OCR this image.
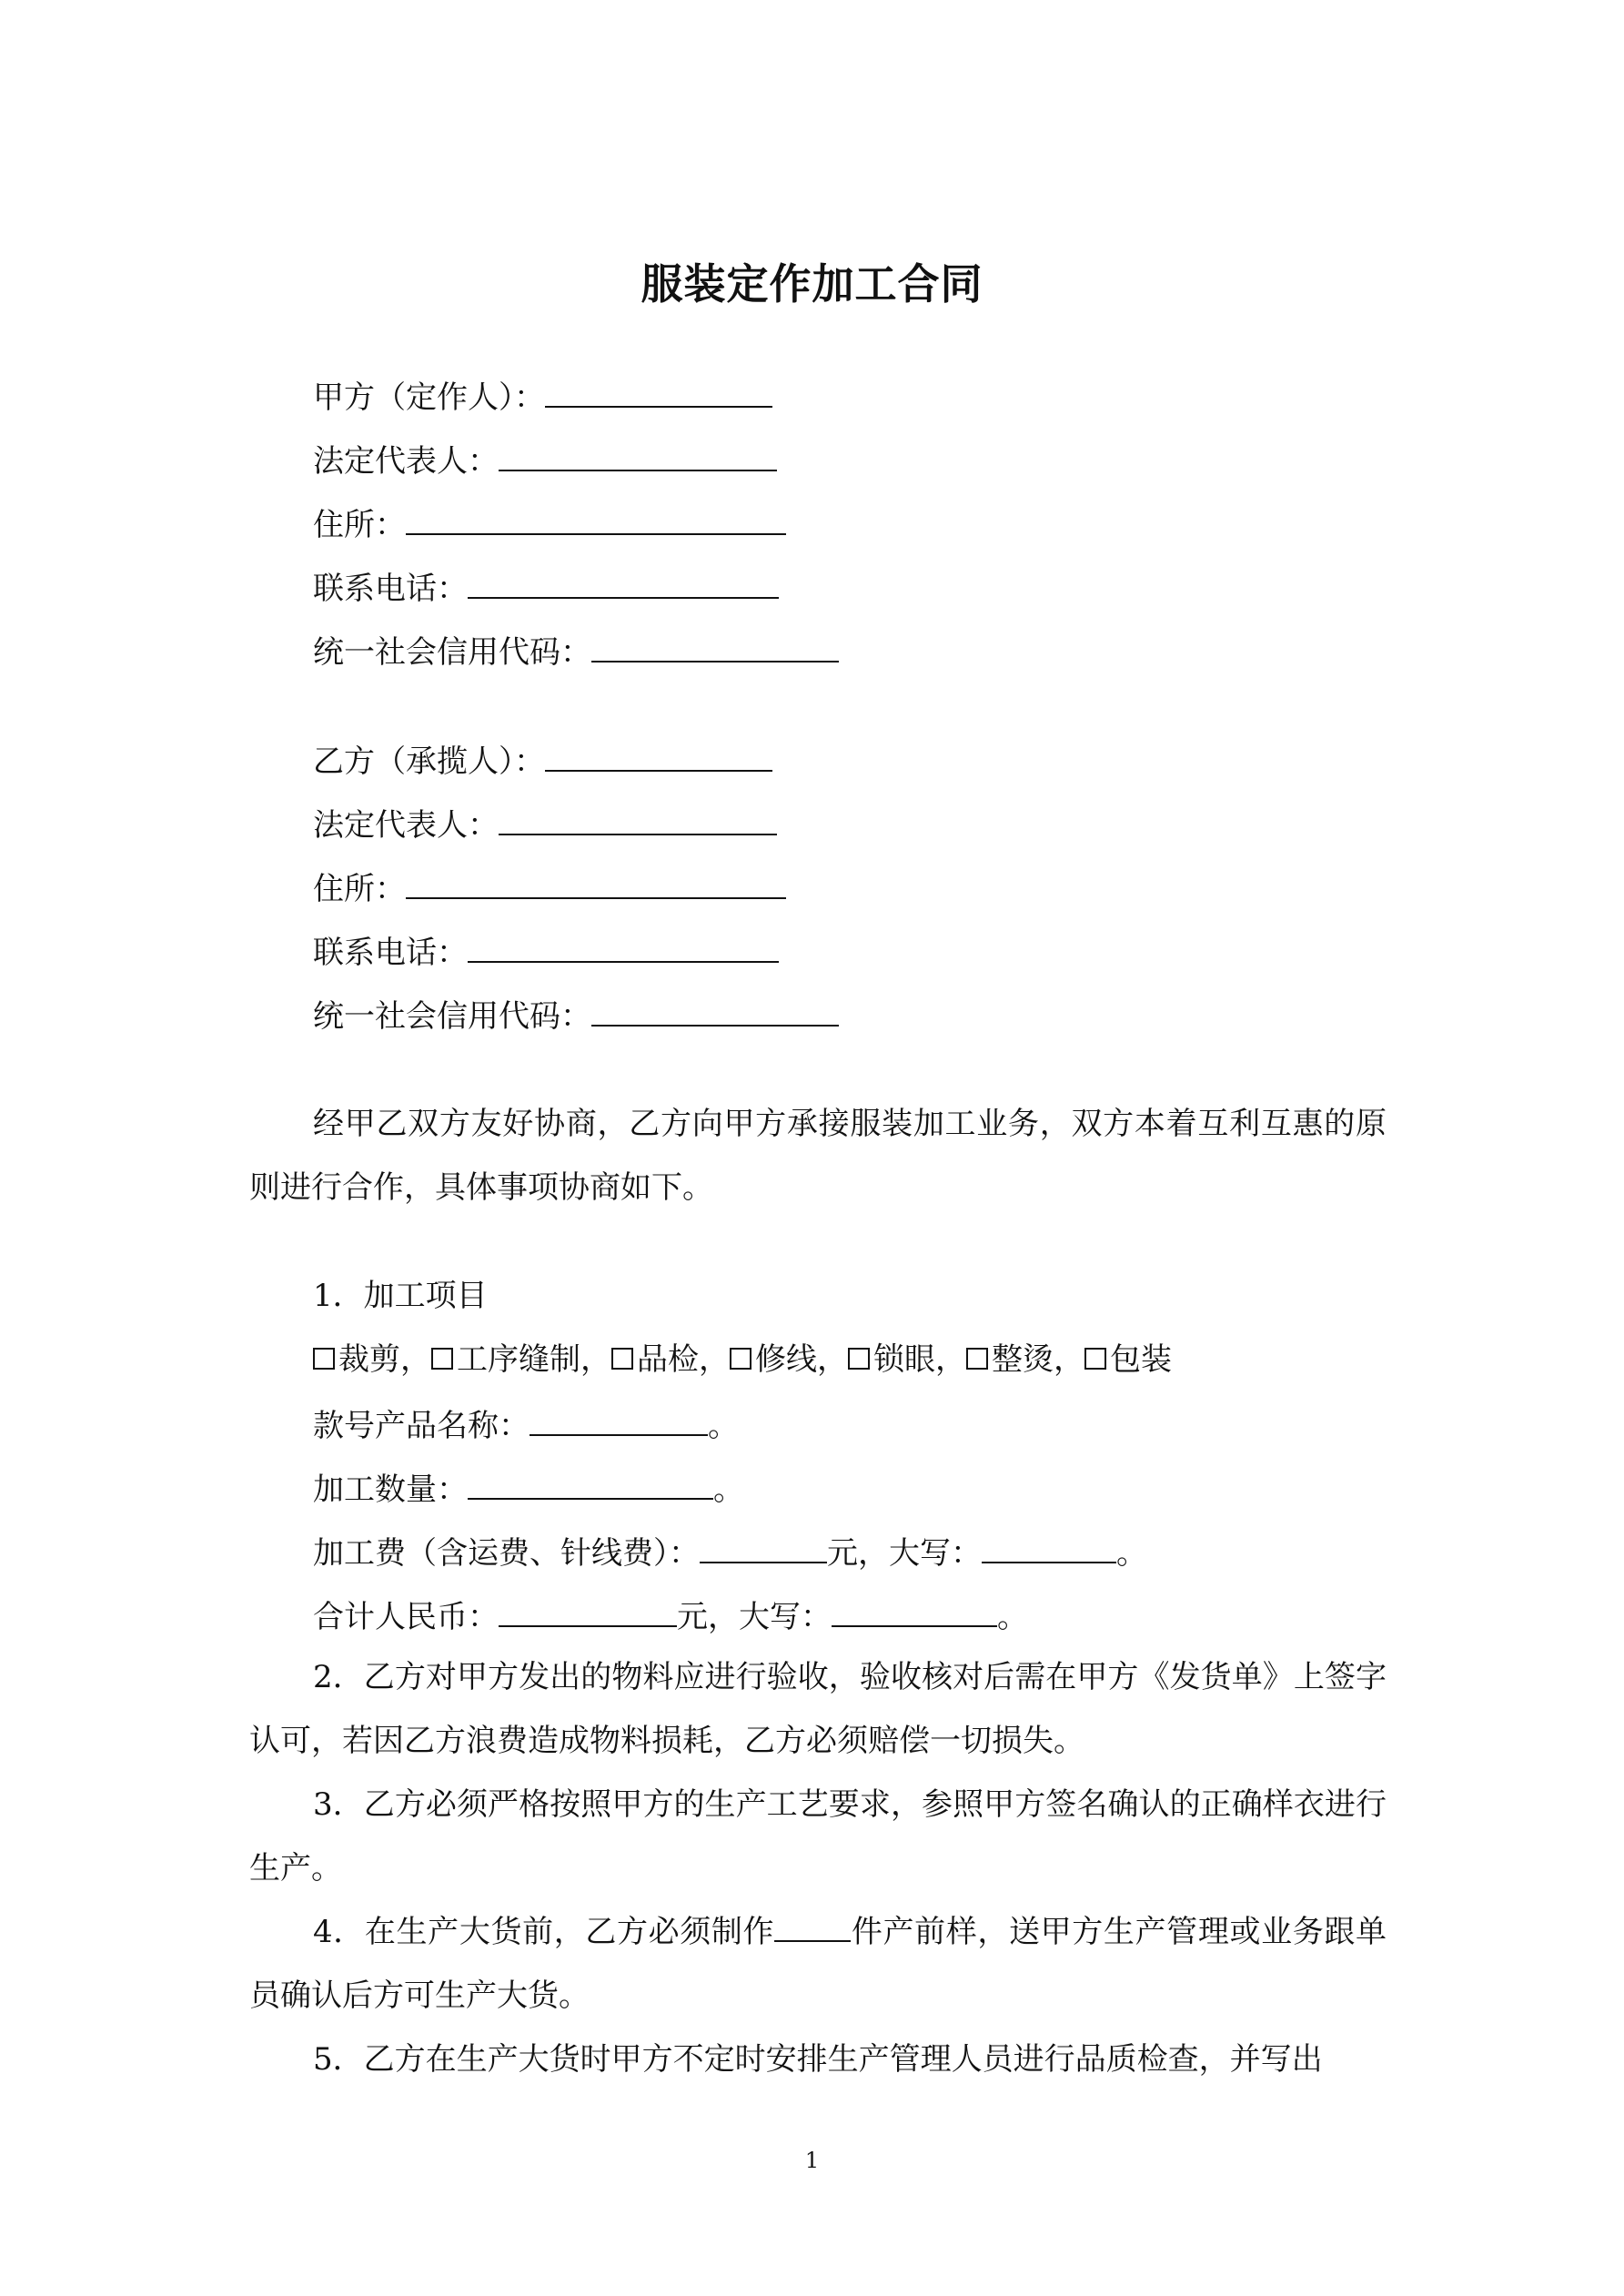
服装定作加工合同
甲方（定作人）：
法定代表人：
住所：
联系电话：
统一社会信用代码：
乙方（承揽人）：
法定代表人：
住所：
联系电话：
统一社会信用代码：
经甲乙双方友好协商，乙方向甲方承接服装加工业务，双方本着互利互惠的原则进行合作，具体事项协商如下。
1．加工项目
裁剪， 工序缝制， 品检， 修线， 锁眼， 整烫， 包装
款号产品名称：	。
加工数量：	。
加工费（含运费、针线费）：	元，大写：	。
合计人民币：	元，大写：	。
2．乙方对甲方发出的物料应进行验收，验收核对后需在甲方《发货单》上签字认可，若因乙方浪费造成物料损耗，乙方必须赔偿一切损失。
3．乙方必须严格按照甲方的生产工艺要求，参照甲方签名确认的正确样衣进行生产。
4．在生产大货前，乙方必须制作 件产前样，送甲方生产管理或业务跟单员确认后方可生产大货。
5．乙方在生产大货时甲方不定时安排生产管理人员进行品质检查，并写出
1
